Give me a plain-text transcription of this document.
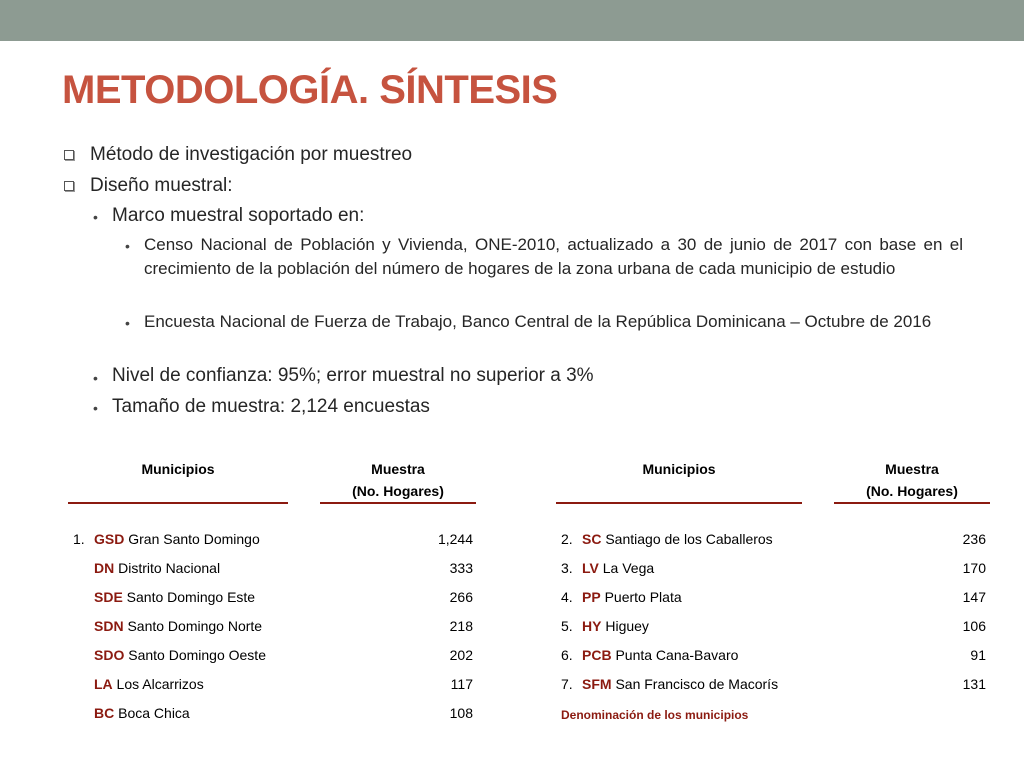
METODOLOGÍA. SÍNTESIS
Método de investigación por muestreo
Diseño muestral:
• Marco muestral soportado en:
• Censo Nacional de Población y Vivienda, ONE-2010, actualizado a 30 de junio de 2017 con base en el crecimiento de la población del número de hogares de la zona urbana de cada municipio de estudio
• Encuesta Nacional de Fuerza de Trabajo, Banco Central de la República Dominicana – Octubre de 2016
• Nivel de confianza: 95%; error muestral no superior a 3%
• Tamaño de muestra: 2,124 encuestas
Municipios	Muestra
(No. Hogares)
1. GSD Gran Santo Domingo	1,244
DN Distrito Nacional	333
SDE Santo Domingo Este	266
SDN Santo Domingo Norte	218
SDO Santo Domingo Oeste	202
LA Los Alcarrizos	117
BC Boca Chica	108
Municipios	Muestra
(No. Hogares)
2. SC Santiago de los Caballeros	236
3. LV La Vega	170
4. PP Puerto Plata	147
5. HY Higuey	106
6. PCB Punta Cana-Bavaro	91
7. SFM San Francisco de Macorís	131
Denominación de los municipios
